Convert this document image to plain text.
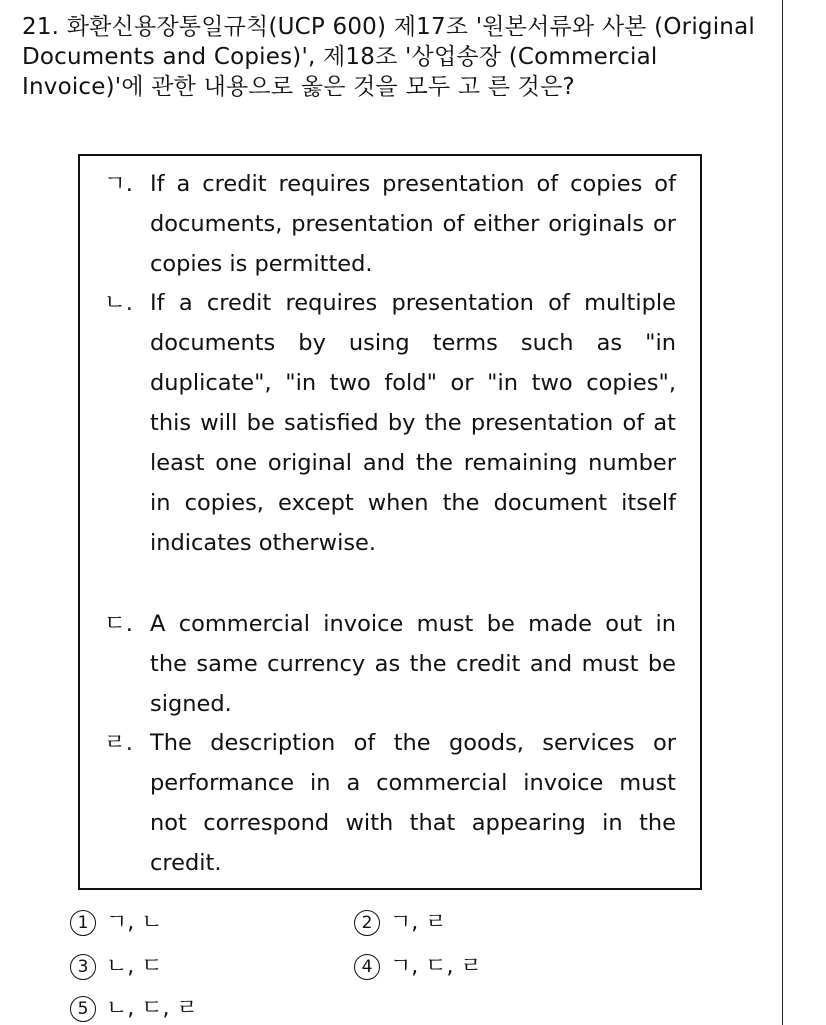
21. 화환신용장통일규칙(UCP 600) 제17조 '원본서류와 사본 (Original Documents and Copies)', 제18조 '상업송장 (Commercial Invoice)'에 관한 내용으로 옳은 것을 모두 고 른 것은?
ㄱ. If a credit requires presentation of copies of documents, presentation of either originals or copies is permitted.
ㄴ. If a credit requires presentation of multiple documents by using terms such as "in duplicate", "in two fold" or "in two copies", this will be satisfied by the presentation of at least one original and the remaining number in copies, except when the document itself indicates otherwise.
ㄷ. A commercial invoice must be made out in the same currency as the credit and must be signed.
ㄹ. The description of the goods, services or performance in a commercial invoice must not correspond with that appearing in the credit.
1 ㄱ, ㄴ	2 ㄱ, ㄹ
3 ㄴ, ㄷ	4 ㄱ, ㄷ, ㄹ
5 ㄴ, ㄷ, ㄹ
